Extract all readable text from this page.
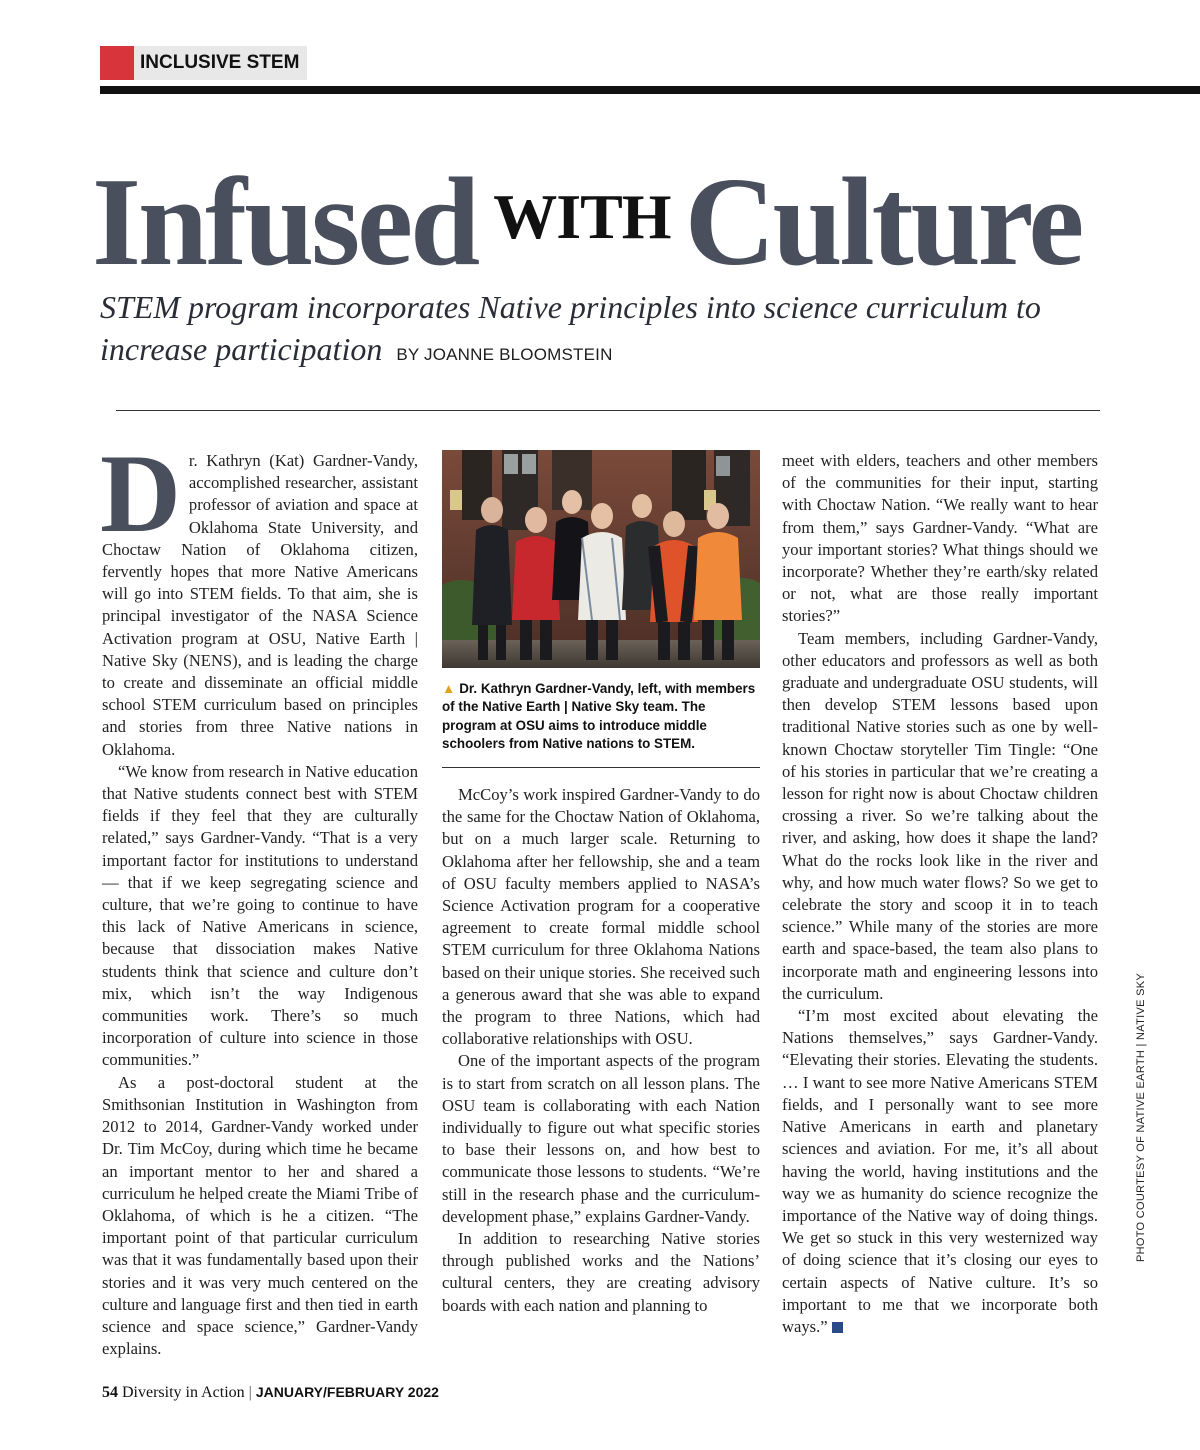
INCLUSIVE STEM
Infused WITH Culture
STEM program incorporates Native principles into science curriculum to increase participation BY JOANNE BLOOMSTEIN

Dr. Kathryn (Kat) Gardner-Vandy, accomplished researcher, assistant professor of aviation and space at Oklahoma State University, and Choctaw Nation of Oklahoma citizen, fervently hopes that more Native Americans will go into STEM fields. To that aim, she is principal investigator of the NASA Science Activation program at OSU, Native Earth | Native Sky (NENS), and is leading the charge to create and disseminate an official middle school STEM curriculum based on principles and stories from three Native nations in Oklahoma.

“We know from research in Native education that Native students connect best with STEM fields if they feel that they are culturally related,” says Gardner-Vandy. “That is a very important factor for institutions to understand — that if we keep segregating science and culture, that we’re going to continue to have this lack of Native Americans in science, because that dissociation makes Native students think that science and culture don’t mix, which isn’t the way Indigenous communities work. There’s so much incorporation of culture into science in those communities.”

As a post-doctoral student at the Smithsonian Institution in Washington from 2012 to 2014, Gardner-Vandy worked under Dr. Tim McCoy, during which time he became an important mentor to her and shared a curriculum he helped create the Miami Tribe of Oklahoma, of which is he a citizen. “The important point of that particular curriculum was that it was fundamentally based upon their stories and it was very much centered on the culture and language first and then tied in earth science and space science,” Gardner-Vandy explains.

▲ Dr. Kathryn Gardner-Vandy, left, with members of the Native Earth | Native Sky team. The program at OSU aims to introduce middle schoolers from Native nations to STEM.

McCoy’s work inspired Gardner-Vandy to do the same for the Choctaw Nation of Oklahoma, but on a much larger scale. Returning to Oklahoma after her fellowship, she and a team of OSU faculty members applied to NASA’s Science Activation program for a cooperative agreement to create formal middle school STEM curriculum for three Oklahoma Nations based on their unique stories. She received such a generous award that she was able to expand the program to three Nations, which had collaborative relationships with OSU.

One of the important aspects of the program is to start from scratch on all lesson plans. The OSU team is collaborating with each Nation individually to figure out what specific stories to base their lessons on, and how best to communicate those lessons to students. “We’re still in the research phase and the curriculum-development phase,” explains Gardner-Vandy.

In addition to researching Native stories through published works and the Nations’ cultural centers, they are creating advisory boards with each nation and planning to

meet with elders, teachers and other members of the communities for their input, starting with Choctaw Nation. “We really want to hear from them,” says Gardner-Vandy. “What are your important stories? What things should we incorporate? Whether they’re earth/sky related or not, what are those really important stories?”

Team members, including Gardner-Vandy, other educators and professors as well as both graduate and undergraduate OSU students, will then develop STEM lessons based upon traditional Native stories such as one by well-known Choctaw storyteller Tim Tingle: “One of his stories in particular that we’re creating a lesson for right now is about Choctaw children crossing a river. So we’re talking about the river, and asking, how does it shape the land? What do the rocks look like in the river and why, and how much water flows? So we get to celebrate the story and scoop it in to teach science.” While many of the stories are more earth and space-based, the team also plans to incorporate math and engineering lessons into the curriculum.

“I’m most excited about elevating the Nations themselves,” says Gardner-Vandy. “Elevating their stories. Elevating the students. … I want to see more Native Americans STEM fields, and I personally want to see more Native Americans in earth and planetary sciences and aviation. For me, it’s all about having the world, having institutions and the way we as humanity do science recognize the importance of the Native way of doing things. We get so stuck in this very westernized way of doing science that it’s closing our eyes to certain aspects of Native culture. It’s so important to me that we incorporate both ways.”

PHOTO COURTESY OF NATIVE EARTH | NATIVE SKY
54 Diversity in Action | JANUARY/FEBRUARY 2022
